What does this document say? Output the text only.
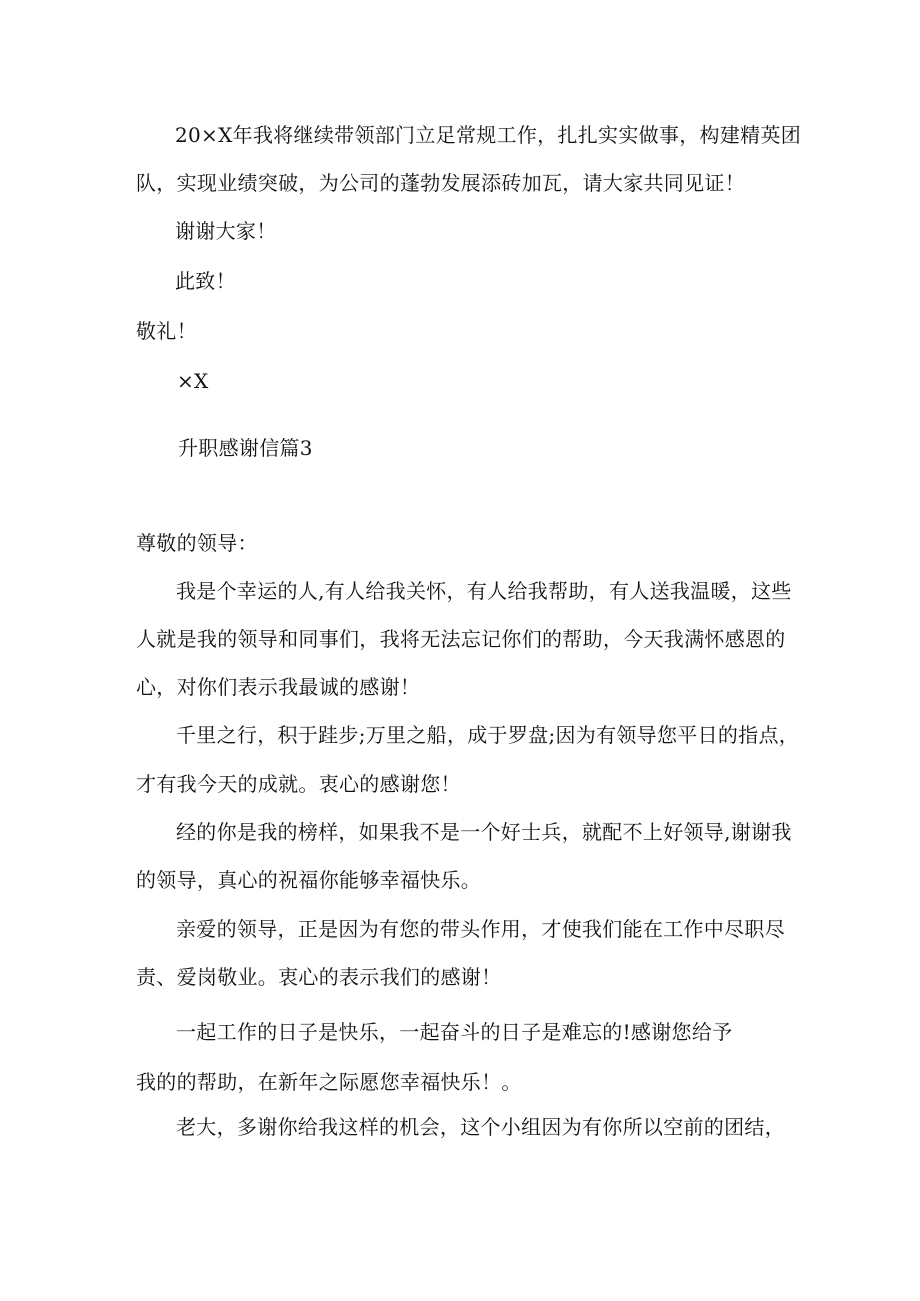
20×X年我将继续带领部门立足常规工作，扎扎实实做事，构建精英团
队，实现业绩突破，为公司的蓬勃发展添砖加瓦，请大家共同见证！
谢谢大家！
此致！
敬礼！
×X
升职感谢信篇3
尊敬的领导：
我是个幸运的人,有人给我关怀，有人给我帮助，有人送我温暖，这些
人就是我的领导和同事们，我将无法忘记你们的帮助，今天我满怀感恩的
心，对你们表示我最诚的感谢！
千里之行，积于跬步;万里之船，成于罗盘;因为有领导您平日的指点，
才有我今天的成就。衷心的感谢您！
经的你是我的榜样，如果我不是一个好士兵，就配不上好领导,谢谢我
的领导，真心的祝福你能够幸福快乐。
亲爱的领导，正是因为有您的带头作用，才使我们能在工作中尽职尽
责、爱岗敬业。衷心的表示我们的感谢！
一起工作的日子是快乐，一起奋斗的日子是难忘的!感谢您给予
我的的帮助，在新年之际愿您幸福快乐！。
老大，多谢你给我这样的机会，这个小组因为有你所以空前的团结，
